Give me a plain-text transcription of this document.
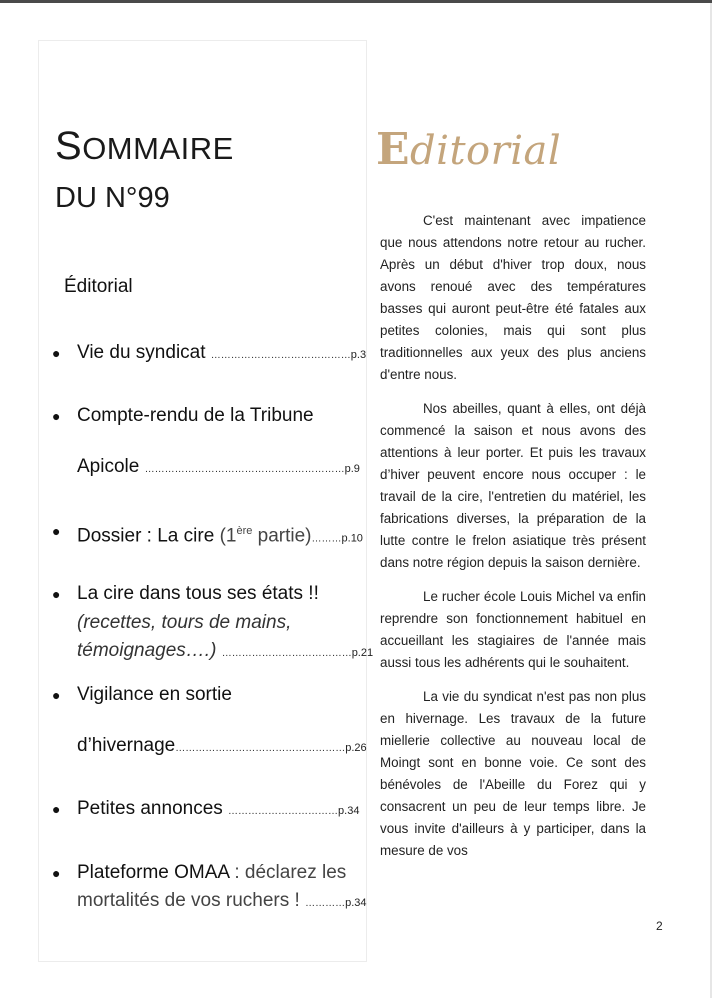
SOMMAIRE
DU N°99
Éditorial
● Vie du syndicat ……………………………………p.3
● Compte-rendu de la Tribune
Apicole ……………………………………………………p.9
● Dossier : La cire (1ère partie)………p.10
● La cire dans tous ses états !!
(recettes, tours de mains,
témoignages….) …………………………………p.21
● Vigilance en sortie
d’hivernage……………………………………………p.26
● Petites annonces ……………………………p.34
● Plateforme OMAA : déclarez les
mortalités de vos ruchers ! …………p.34
Editorial

C'est maintenant avec impatience que nous attendons notre retour au rucher. Après un début d'hiver trop doux, nous avons renoué avec des températures basses qui auront peut-être été fatales aux petites colonies, mais qui sont plus traditionnelles aux yeux des plus anciens d'entre nous.

Nos abeilles, quant à elles, ont déjà commencé la saison et nous avons des attentions à leur porter. Et puis les travaux d’hiver peuvent encore nous occuper : le travail de la cire, l'entretien du matériel, les fabrications diverses, la préparation de la lutte contre le frelon asiatique très présent dans notre région depuis la saison dernière.

Le rucher école Louis Michel va enfin reprendre son fonctionnement habituel en accueillant les stagiaires de l'année mais aussi tous les adhérents qui le souhaitent.

La vie du syndicat n'est pas non plus en hivernage. Les travaux de la future miellerie collective au nouveau local de Moingt sont en bonne voie. Ce sont des bénévoles de l'Abeille du Forez qui y consacrent un peu de leur temps libre. Je vous invite d'ailleurs à y participer, dans la mesure de vos

2
